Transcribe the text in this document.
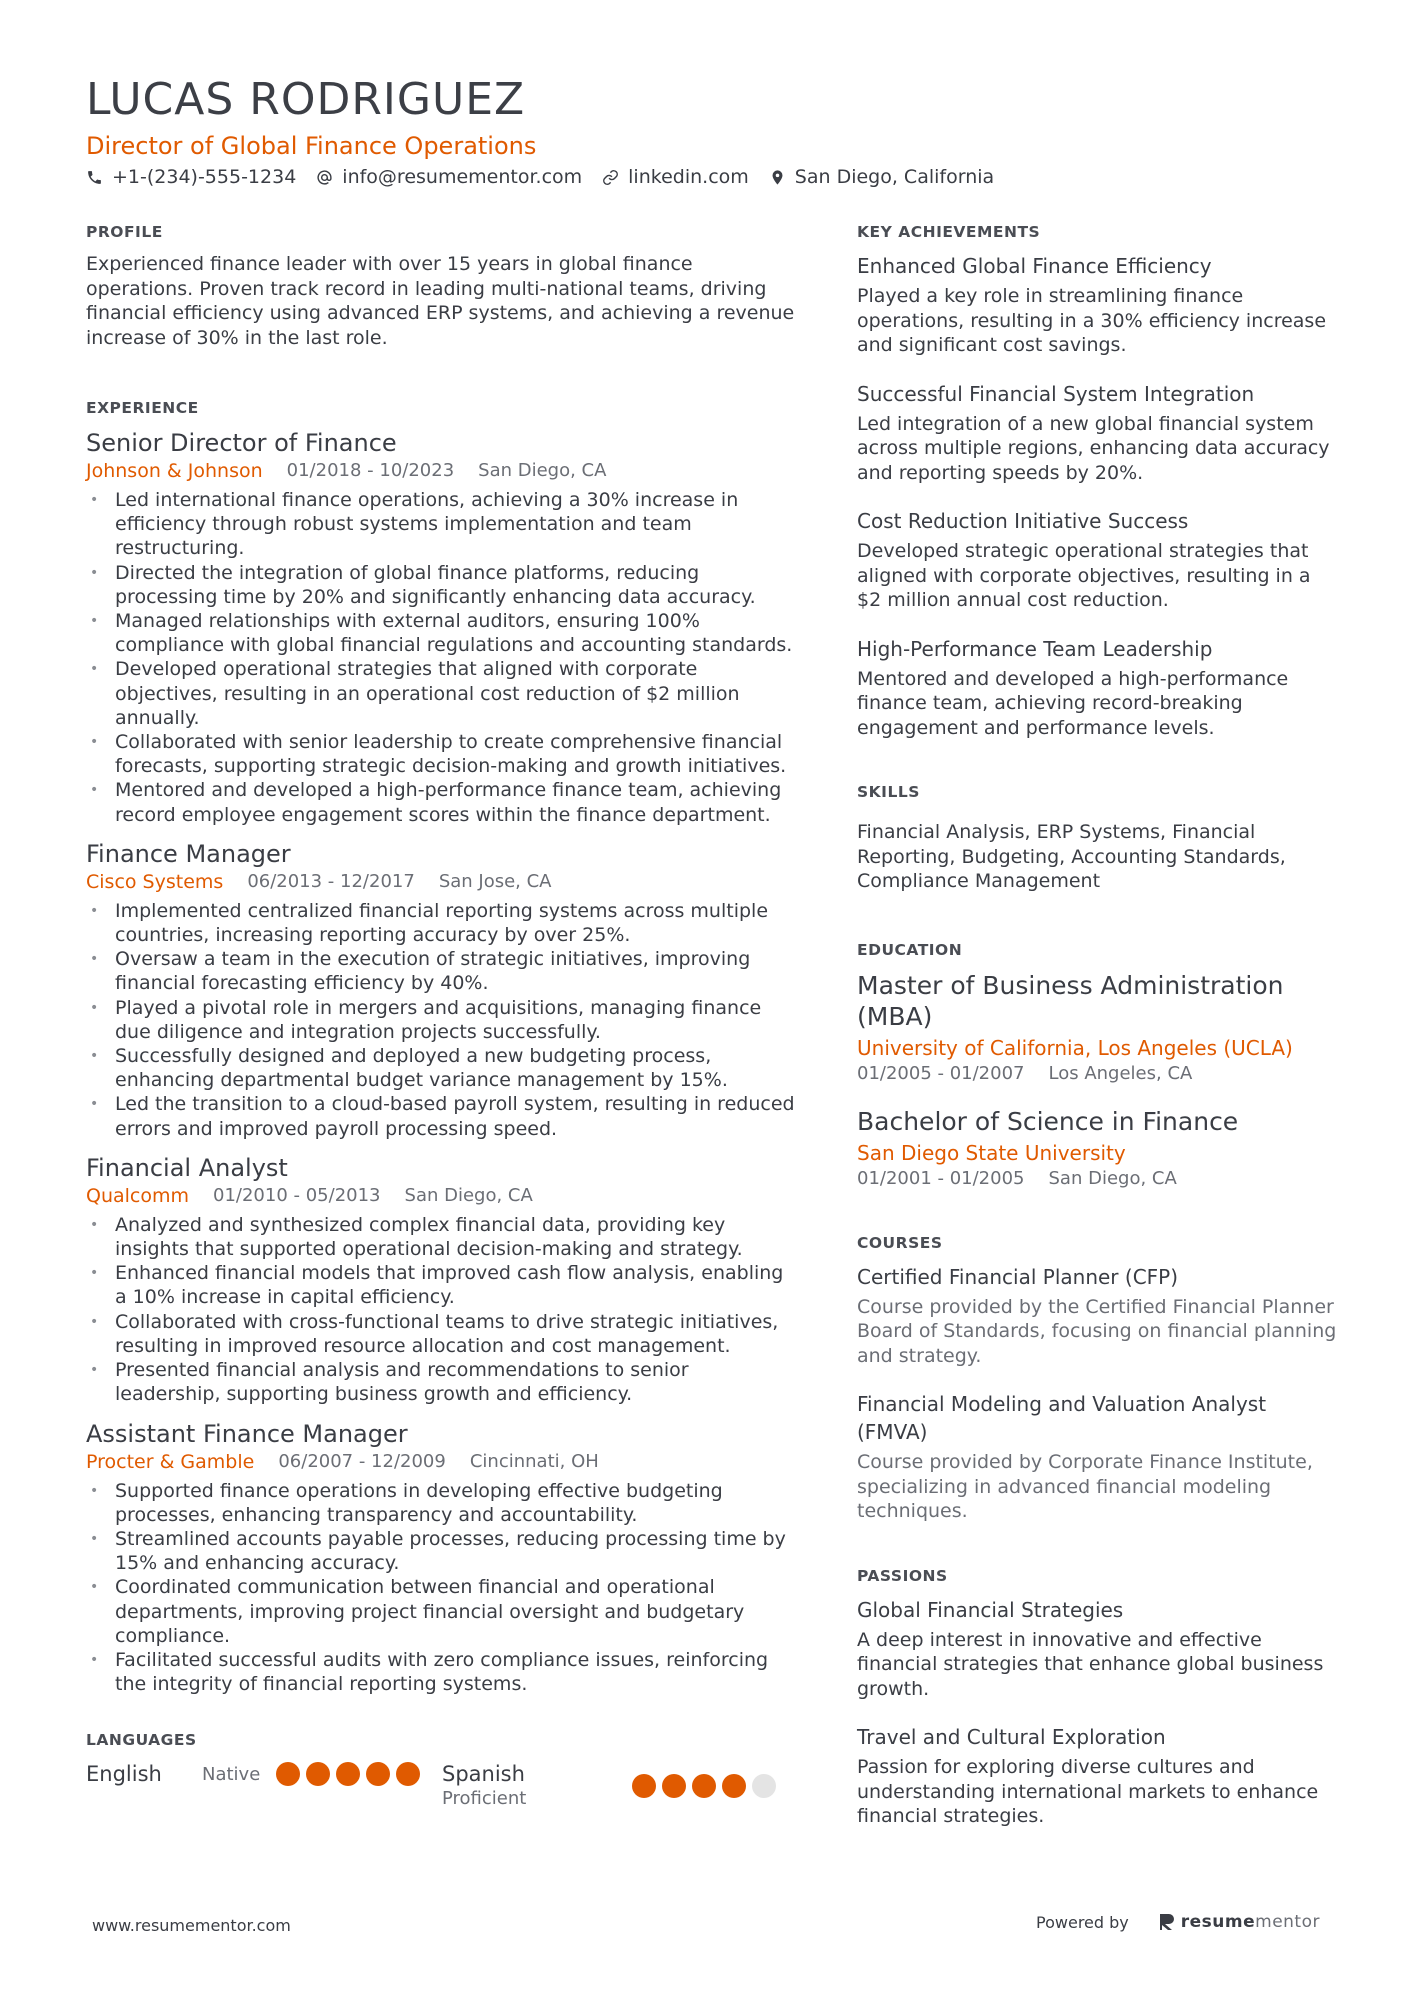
LUCAS RODRIGUEZ
Director of Global Finance Operations
+1-(234)-555-1234 info@resumementor.com linkedin.com San Diego, California
PROFILE

Experienced finance leader with over 15 years in global finance operations. Proven track record in leading multi-national teams, driving financial efficiency using advanced ERP systems, and achieving a revenue increase of 30% in the last role.

EXPERIENCE
Senior Director of Finance
Johnson & Johnson 01/2018 - 10/2023 San Diego, CA
• Led international finance operations, achieving a 30% increase in efficiency through robust systems implementation and team restructuring.
• Directed the integration of global finance platforms, reducing processing time by 20% and significantly enhancing data accuracy.
• Managed relationships with external auditors, ensuring 100% compliance with global financial regulations and accounting standards.
• Developed operational strategies that aligned with corporate objectives, resulting in an operational cost reduction of $2 million annually.
• Collaborated with senior leadership to create comprehensive financial forecasts, supporting strategic decision-making and growth initiatives.
• Mentored and developed a high-performance finance team, achieving record employee engagement scores within the finance department.
Finance Manager
Cisco Systems 06/2013 - 12/2017 San Jose, CA
• Implemented centralized financial reporting systems across multiple countries, increasing reporting accuracy by over 25%.
• Oversaw a team in the execution of strategic initiatives, improving financial forecasting efficiency by 40%.
• Played a pivotal role in mergers and acquisitions, managing finance due diligence and integration projects successfully.
• Successfully designed and deployed a new budgeting process, enhancing departmental budget variance management by 15%.
• Led the transition to a cloud-based payroll system, resulting in reduced errors and improved payroll processing speed.
Financial Analyst
Qualcomm 01/2010 - 05/2013 San Diego, CA
• Analyzed and synthesized complex financial data, providing key insights that supported operational decision-making and strategy.
• Enhanced financial models that improved cash flow analysis, enabling a 10% increase in capital efficiency.
• Collaborated with cross-functional teams to drive strategic initiatives, resulting in improved resource allocation and cost management.
• Presented financial analysis and recommendations to senior leadership, supporting business growth and efficiency.
Assistant Finance Manager
Procter & Gamble 06/2007 - 12/2009 Cincinnati, OH
• Supported finance operations in developing effective budgeting processes, enhancing transparency and accountability.
• Streamlined accounts payable processes, reducing processing time by 15% and enhancing accuracy.
• Coordinated communication between financial and operational departments, improving project financial oversight and budgetary compliance.
• Facilitated successful audits with zero compliance issues, reinforcing the integrity of financial reporting systems.
LANGUAGES
English	Native	Spanish
Proficient
KEY ACHIEVEMENTS
Enhanced Global Finance Efficiency
Played a key role in streamlining finance operations, resulting in a 30% efficiency increase and significant cost savings.
Successful Financial System Integration
Led integration of a new global financial system across multiple regions, enhancing data accuracy and reporting speeds by 20%.
Cost Reduction Initiative Success
Developed strategic operational strategies that aligned with corporate objectives, resulting in a $2 million annual cost reduction.
High-Performance Team Leadership
Mentored and developed a high-performance finance team, achieving record-breaking engagement and performance levels.
SKILLS

Financial Analysis, ERP Systems, Financial Reporting, Budgeting, Accounting Standards, Compliance Management

EDUCATION
Master of Business Administration (MBA)
University of California, Los Angeles (UCLA)
01/2005 - 01/2007 Los Angeles, CA
Bachelor of Science in Finance
San Diego State University
01/2001 - 01/2005 San Diego, CA
COURSES
Certified Financial Planner (CFP)
Course provided by the Certified Financial Planner Board of Standards, focusing on financial planning and strategy.
Financial Modeling and Valuation Analyst (FMVA)
Course provided by Corporate Finance Institute, specializing in advanced financial modeling techniques.
PASSIONS
Global Financial Strategies
A deep interest in innovative and effective financial strategies that enhance global business growth.
Travel and Cultural Exploration
Passion for exploring diverse cultures and understanding international markets to enhance financial strategies.
www.resumementor.com	Powered by	resume mentor
